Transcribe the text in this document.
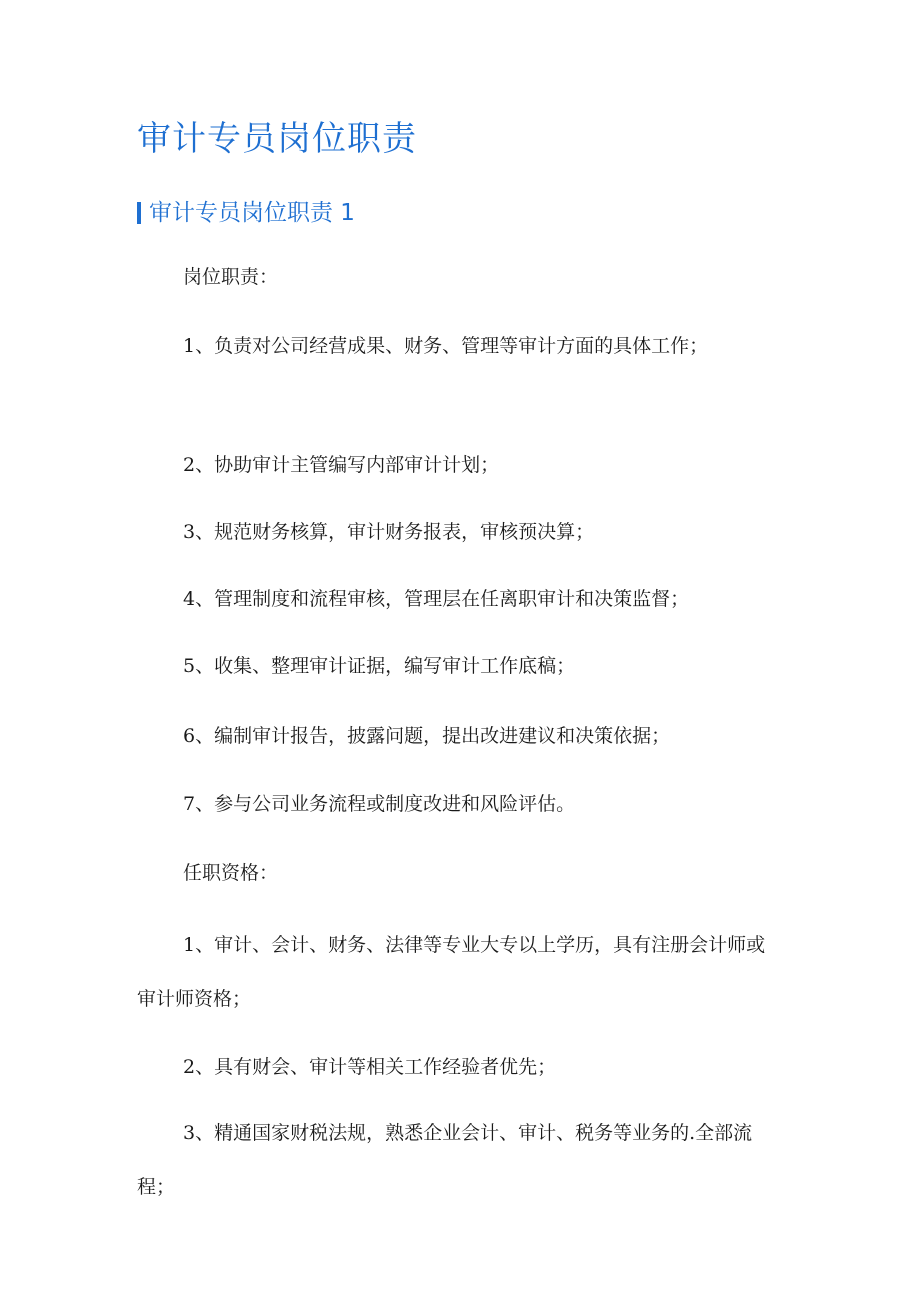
审计专员岗位职责
审计专员岗位职责 1
岗位职责：
1、负责对公司经营成果、财务、管理等审计方面的具体工作；
2、协助审计主管编写内部审计计划；
3、规范财务核算，审计财务报表，审核预决算；
4、管理制度和流程审核，管理层在任离职审计和决策监督；
5、收集、整理审计证据，编写审计工作底稿；
6、编制审计报告，披露问题，提出改进建议和决策依据；
7、参与公司业务流程或制度改进和风险评估。
任职资格：
1、审计、会计、财务、法律等专业大专以上学历，具有注册会计师或审计师资格；
2、具有财会、审计等相关工作经验者优先；
3、精通国家财税法规，熟悉企业会计、审计、税务等业务的.全部流程；
